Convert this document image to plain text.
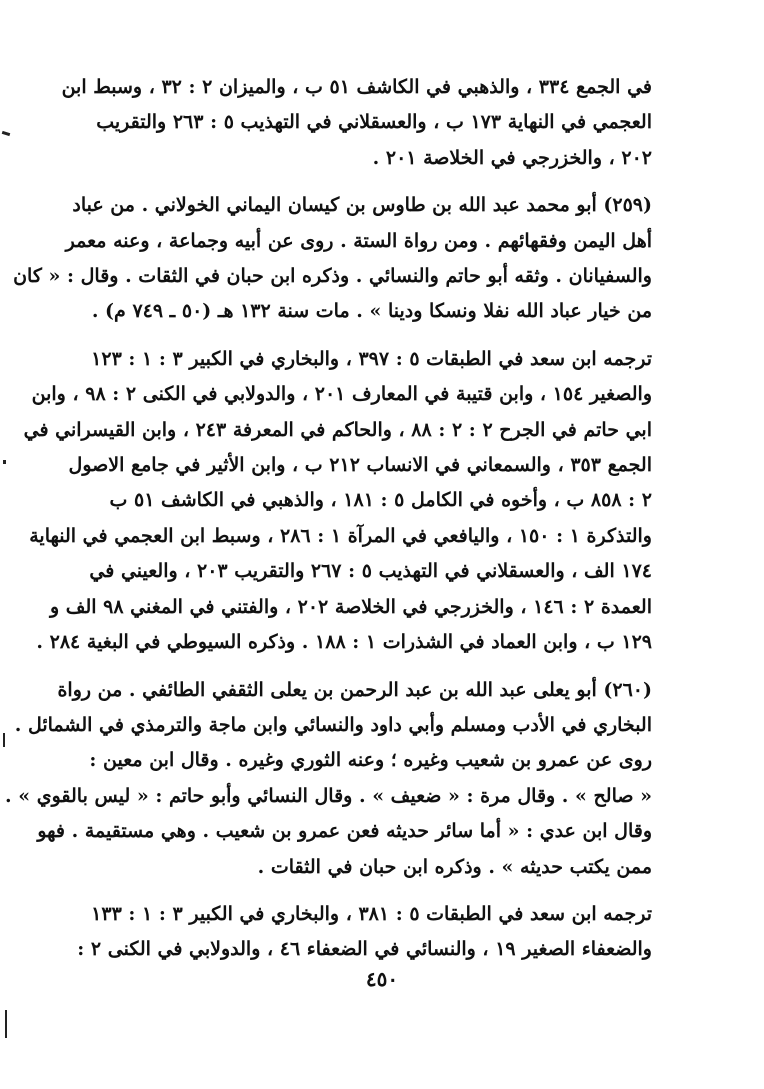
في الجمع ٣٣٤ ، والذهبي في الكاشف ٥١ ب ، والميزان ٢ : ٣٢ ، وسبط ابن
العجمي في النهاية ١٧٣ ب ، والعسقلاني في التهذيب ٥ : ٢٦٣ والتقريب
٢٠٢ ، والخزرجي في الخلاصة ٢٠١ .

(٢٥٩) أبو محمد عبد الله بن طاوس بن كيسان اليماني الخولاني . من عباد
أهل اليمن وفقهائهم . ومن رواة الستة . روى عن أبيه وجماعة ، وعنه معمر
والسفيانان . وثقه أبو حاتم والنسائي . وذكره ابن حبان في الثقات . وقال : « كان
من خيار عباد الله نفلا ونسكا ودينا » . مات سنة ١٣٢ هـ (٥٠ ـ ٧٤٩ م) .

ترجمه ابن سعد في الطبقات ٥ : ٣٩٧ ، والبخاري في الكبير ٣ : ١ : ١٢٣
والصغير ١٥٤ ، وابن قتيبة في المعارف ٢٠١ ، والدولابي في الكنى ٢ : ٩٨ ، وابن
ابي حاتم في الجرح ٢ : ٢ : ٨٨ ، والحاكم في المعرفة ٢٤٣ ، وابن القيسراني في
الجمع ٣٥٣ ، والسمعاني في الانساب ٢١٢ ب ، وابن الأثير في جامع الاصول
٢ : ٨٥٨ ب ، وأخوه في الكامل ٥ : ١٨١ ، والذهبي في الكاشف ٥١ ب
والتذكرة ١ : ١٥٠ ، واليافعي في المرآة ١ : ٢٨٦ ، وسبط ابن العجمي في النهاية
١٧٤ الف ، والعسقلاني في التهذيب ٥ : ٢٦٧ والتقريب ٢٠٣ ، والعيني في
العمدة ٢ : ١٤٦ ، والخزرجي في الخلاصة ٢٠٢ ، والفتني في المغني ٩٨ الف و
١٢٩ ب ، وابن العماد في الشذرات ١ : ١٨٨ . وذكره السيوطي في البغية ٢٨٤ .

(٢٦٠) أبو يعلى عبد الله بن عبد الرحمن بن يعلى الثقفي الطائفي . من رواة
البخاري في الأدب ومسلم وأبي داود والنسائي وابن ماجة والترمذي في الشمائل .
روى عن عمرو بن شعيب وغيره ؛ وعنه الثوري وغيره . وقال ابن معين :
« صالح » . وقال مرة : « ضعيف » . وقال النسائي وأبو حاتم : « ليس بالقوي » .
وقال ابن عدي : « أما سائر حديثه فعن عمرو بن شعيب . وهي مستقيمة . فهو
ممن يكتب حديثه » . وذكره ابن حبان في الثقات .

ترجمه ابن سعد في الطبقات ٥ : ٣٨١ ، والبخاري في الكبير ٣ : ١ : ١٣٣
والضعفاء الصغير ١٩ ، والنسائي في الضعفاء ٤٦ ، والدولابي في الكنى ٢ :

٤٥٠
